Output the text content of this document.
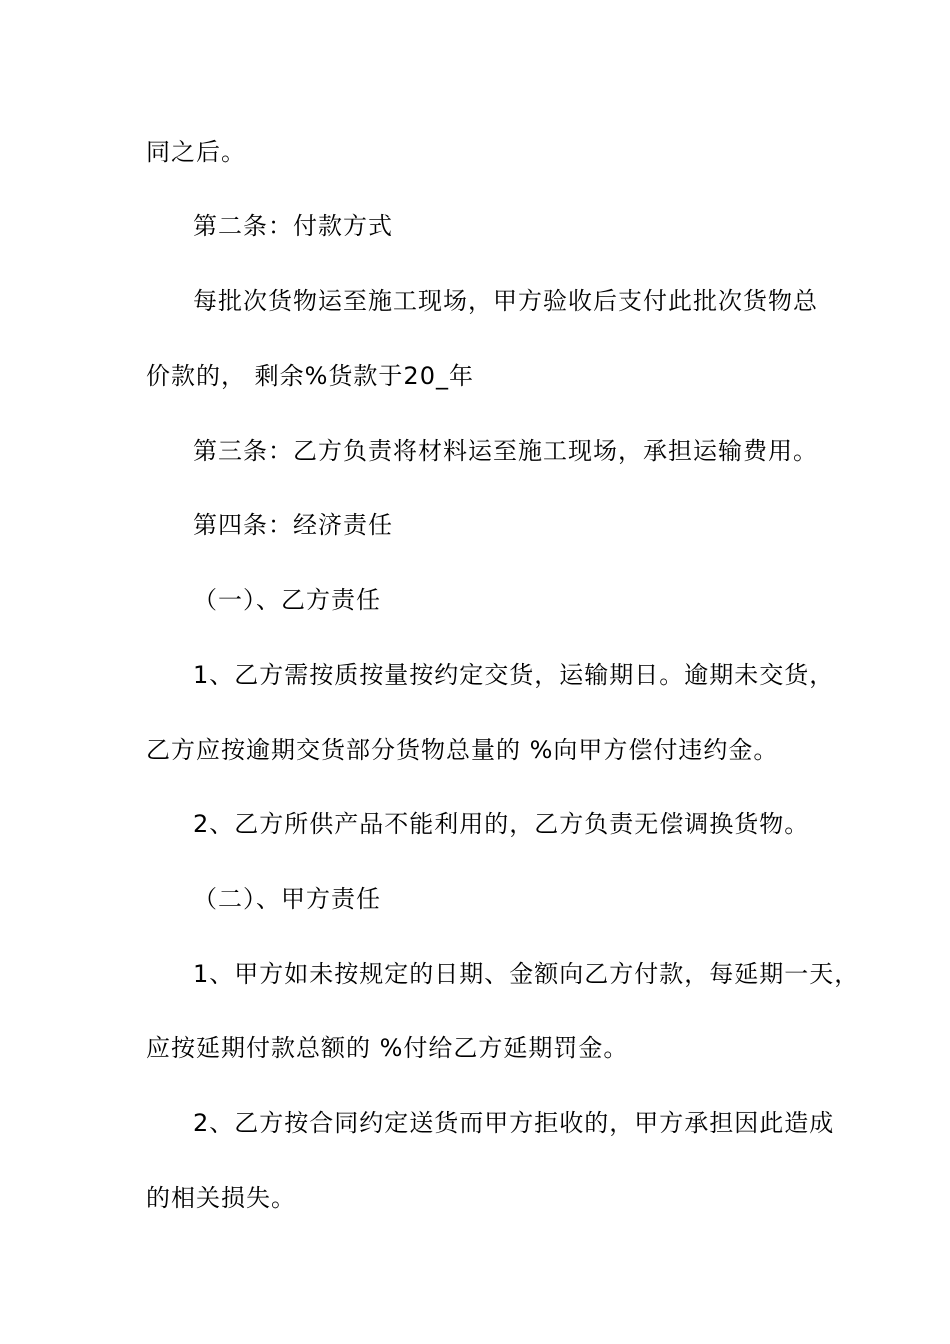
同之后。
第二条：付款方式
每批次货物运至施工现场，甲方验收后支付此批次货物总
价款的， 剩余%货款于20_年
第三条：乙方负责将材料运至施工现场，承担运输费用。
第四条：经济责任
（一）、乙方责任
1、乙方需按质按量按约定交货，运输期日。逾期未交货，
乙方应按逾期交货部分货物总量的 %向甲方偿付违约金。
2、乙方所供产品不能利用的，乙方负责无偿调换货物。
（二）、甲方责任
1、甲方如未按规定的日期、金额向乙方付款，每延期一天，
应按延期付款总额的 %付给乙方延期罚金。
2、乙方按合同约定送货而甲方拒收的，甲方承担因此造成
的相关损失。
